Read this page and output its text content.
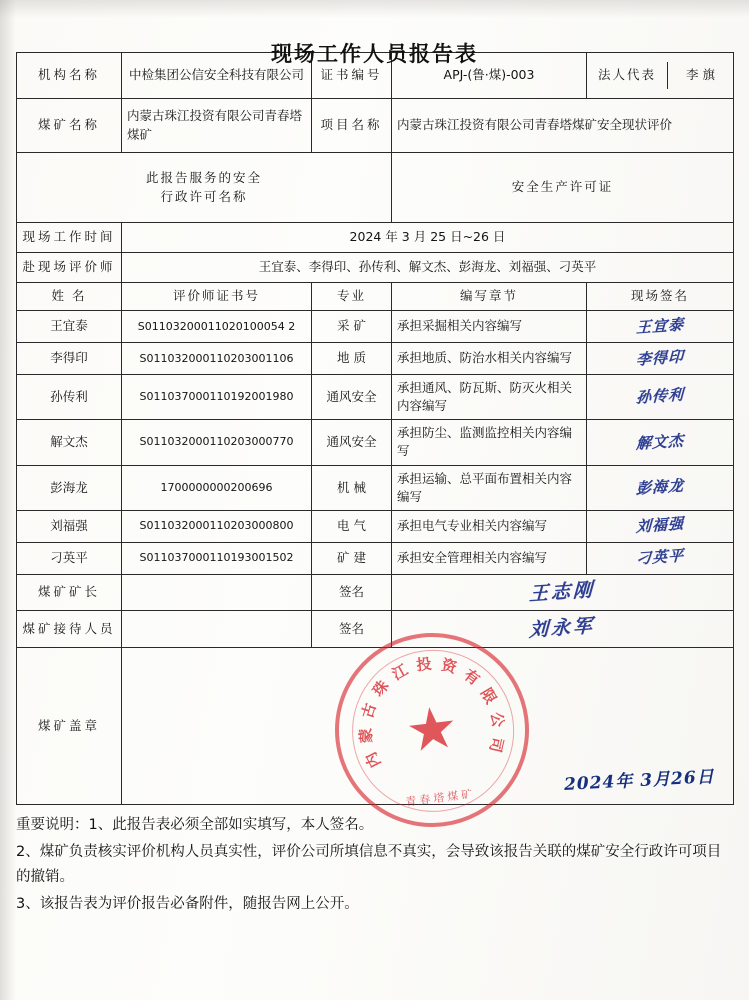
现场工作人员报告表
机构名称	中检集团公信安全科技有限公司	证书编号	APJ-(鲁·煤)-003		法人代表	李 旗

煤矿名称	内蒙古珠江投资有限公司青春塔煤矿	项目名称	内蒙古珠江投资有限公司青春塔煤矿安全现状评价

此报告服务的安全
行政许可名称
	安全生产许可证
现场工作时间	2024 年 3 月 25 日~26 日
赴现场评价师	王宜泰、李得印、孙传利、解文杰、彭海龙、刘福强、刁英平
姓 名	评价师证书号	专业	编写章节	现场签名
王宜泰	S01103200011020100054 2	采 矿	承担采掘相关内容编写	王宜泰
李得印	S011032000110203001106	地 质	承担地质、防治水相关内容编写	李得印
孙传利	S011037000110192001980	通风安全	承担通风、防瓦斯、防灭火相关内容编写	孙传利
解文杰	S011032000110203000770	通风安全	承担防尘、监测监控相关内容编写	解文杰
彭海龙	1700000000200696	机 械	承担运输、总平面布置相关内容编写	彭海龙
刘福强	S011032000110203000800	电 气	承担电气专业相关内容编写	刘福强
刁英平	S011037000110193001502	矿 建	承担安全管理相关内容编写	刁英平
煤矿矿长		签名	王志刚
煤矿接待人员		签名	刘永军
煤矿盖章	★
内
蒙
古
珠
江 投 资 有
限
公
司
青春塔煤矿
2024年 3月26日

重要说明：1、此报告表必须全部如实填写，本人签名。

2、煤矿负责核实评价机构人员真实性，评价公司所填信息不真实，会导致该报告关联的煤矿安全行政许可项目的撤销。

3、该报告表为评价报告必备附件，随报告网上公开。
